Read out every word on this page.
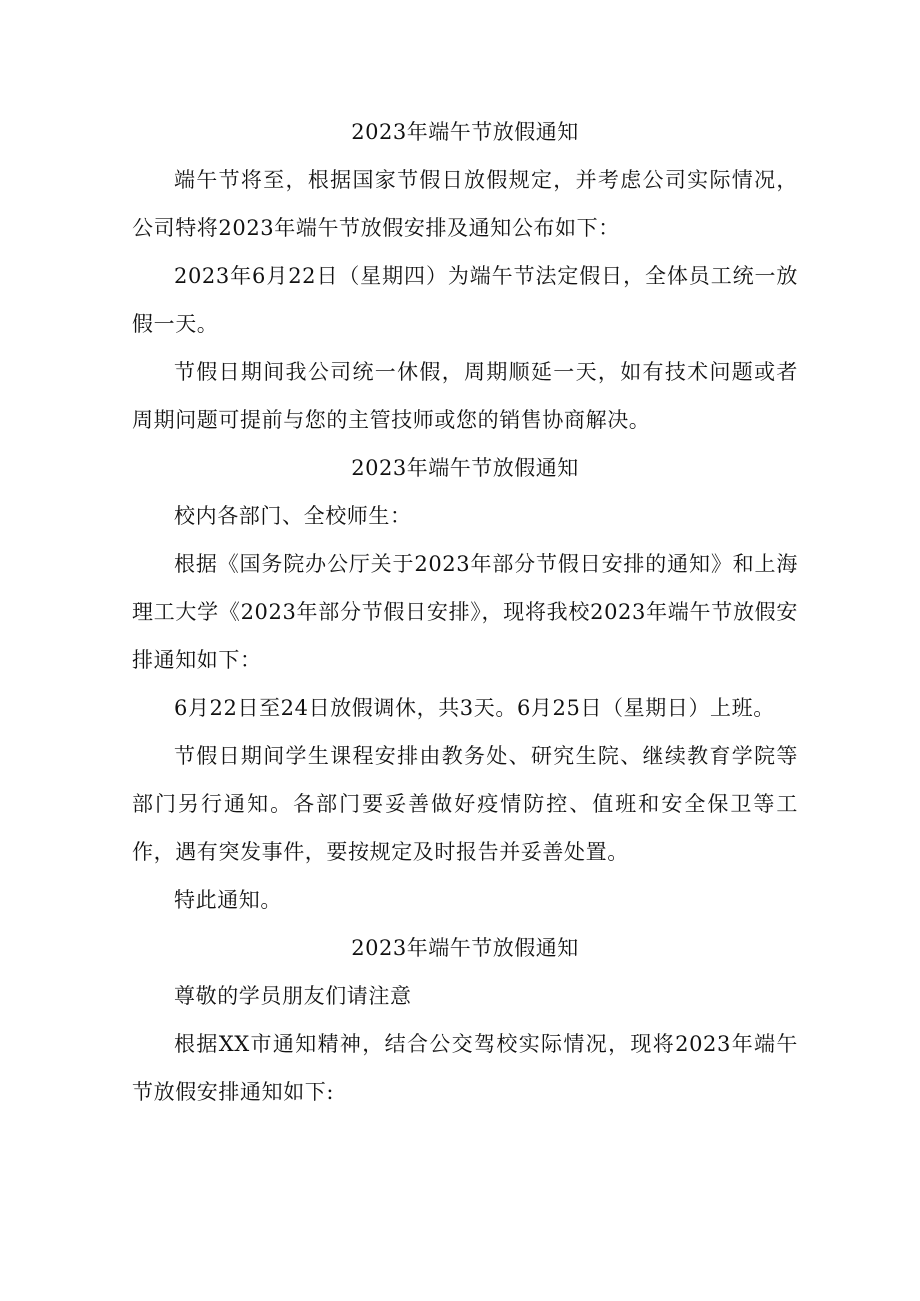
2023年端午节放假通知

端午节将至，根据国家节假日放假规定，并考虑公司实际情况，公司特将2023年端午节放假安排及通知公布如下：

2023年6月22日（星期四）为端午节法定假日，全体员工统一放假一天。

节假日期间我公司统一休假，周期顺延一天，如有技术问题或者周期问题可提前与您的主管技师或您的销售协商解决。

2023年端午节放假通知

校内各部门、全校师生：

根据《国务院办公厅关于2023年部分节假日安排的通知》和上海理工大学《2023年部分节假日安排》，现将我校2023年端午节放假安排通知如下：

6月22日至24日放假调休，共3天。6月25日（星期日）上班。

节假日期间学生课程安排由教务处、研究生院、继续教育学院等部门另行通知。各部门要妥善做好疫情防控、值班和安全保卫等工作，遇有突发事件，要按规定及时报告并妥善处置。

特此通知。

2023年端午节放假通知

尊敬的学员朋友们请注意

根据XX市通知精神，结合公交驾校实际情况，现将2023年端午节放假安排通知如下:
